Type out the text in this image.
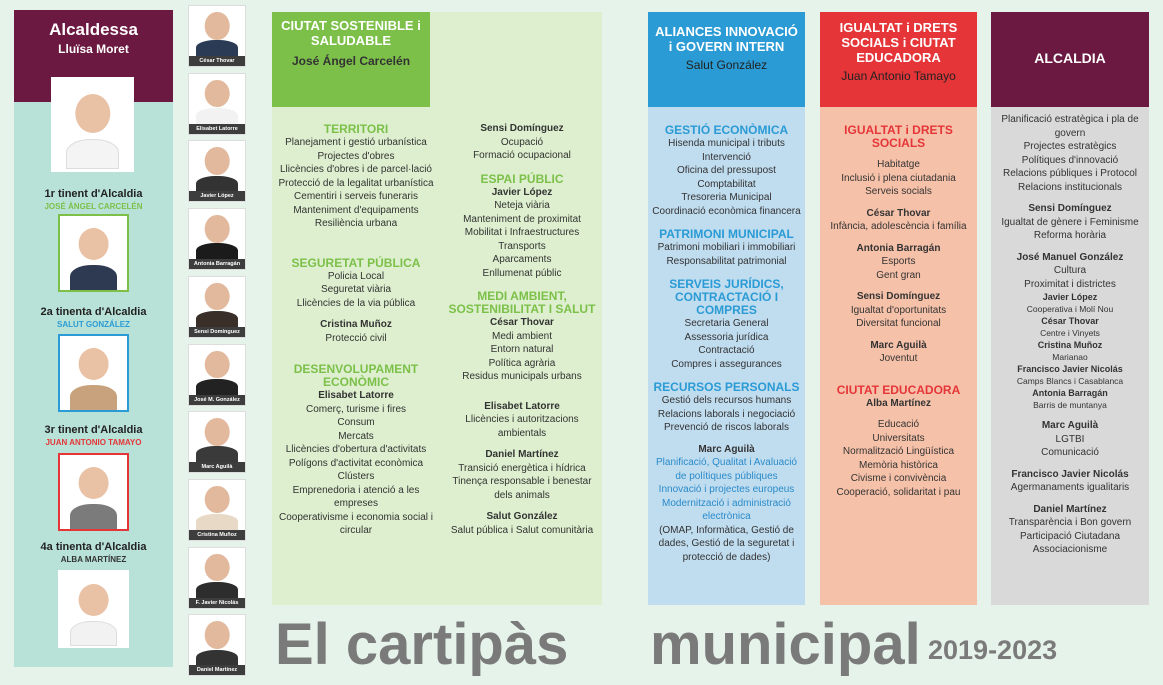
Alcaldessa
Lluïsa Moret
1r tinent d'Alcaldia
JOSÉ ÀNGEL CARCELÉN
2a tinenta d'Alcaldia
SALUT GONZÁLEZ
3r tinent d'Alcaldia
JUAN ANTONIO TAMAYO
4a tinenta d'Alcaldia
ALBA MARTÍNEZ
César Thovar
Elisabet Latorre
Javier López
Antonia Barragán
Sensi Domínguez
José M. González
Marc Aguilà
Cristina Muñoz
F. Javier Nicolás
Daniel Martínez
CIUTAT SOSTENIBLE i SALUDABLE
José Ángel Carcelén
TERRITORI
Planejament i gestió urbanística
Projectes d'obres
Llicències d'obres i de parcel·lació
Protecció de la legalitat urbanística
Cementiri i serveis funeraris
Manteniment d'equipaments
Resiliència urbana
SEGURETAT PÚBLICA
Policia Local
Seguretat viària
Llicències de la via pública
Cristina Muñoz
Protecció civil
DESENVOLUPAMENT ECONÒMIC
Elisabet Latorre
Comerç, turisme i fires
Consum
Mercats
Llicències d'obertura d'activitats
Polígons d'activitat econòmica
Clústers
Emprenedoria i atenció a les empreses
Cooperativisme i economia social i circular
Sensi Domínguez
Ocupació
Formació ocupacional
ESPAI PÚBLIC
Javier López
Neteja viària
Manteniment de proximitat
Mobilitat i Infraestructures
Transports
Aparcaments
Enllumenat públic
MEDI AMBIENT, SOSTENIBILITAT I SALUT
César Thovar
Medi ambient
Entorn natural
Política agrària
Residus municipals urbans
Elisabet Latorre
Llicències i autoritzacions ambientals
Daniel Martínez
Transició energètica i hídrica
Tinença responsable i benestar dels animals
Salut González
Salut pública i Salut comunitària
ALIANCES INNOVACIÓ i GOVERN INTERN
Salut González
GESTIÓ ECONÒMICA
Hisenda municipal i tributs
Intervenció
Oficina del pressupost
Comptabilitat
Tresoreria Municipal
Coordinació econòmica financera
PATRIMONI MUNICIPAL
Patrimoni mobiliari i immobiliari
Responsabilitat patrimonial
SERVEIS JURÍDICS, CONTRACTACIÓ I COMPRES
Secretaria General
Assessoria jurídica
Contractació
Compres i assegurances
RECURSOS PERSONALS
Gestió dels recursos humans
Relacions laborals i negociació
Prevenció de riscos laborals
Marc Aguilà
Planificació, Qualitat i Avaluació de polítiques públiques
Innovació i projectes europeus
Modernització i administració electrònica
(OMAP, Informàtica, Gestió de dades, Gestió de la seguretat i protecció de dades)
IGUALTAT i DRETS SOCIALS i CIUTAT EDUCADORA
Juan Antonio Tamayo
IGUALTAT i DRETS SOCIALS
Habitatge
Inclusió i plena ciutadania
Serveis socials
César Thovar
Infància, adolescència i família
Antonia Barragán
Esports
Gent gran
Sensi Domínguez
Igualtat d'oportunitats
Diversitat funcional
Marc Aguilà
Joventut
CIUTAT EDUCADORA
Alba Martínez
Educació
Universitats
Normalització Lingüística
Memòria històrica
Civisme i convivència
Cooperació, solidaritat i pau
ALCALDIA
Planificació estratègica i pla de govern
Projectes estratègics
Polítiques d'innovació
Relacions públiques i Protocol
Relacions institucionals
Sensi Domínguez
Igualtat de gènere i Feminisme
Reforma horària
José Manuel González
Cultura
Proximitat i districtes
Javier López
Cooperativa i Molí Nou
César Thovar
Centre i Vinyets
Cristina Muñoz
Marianao
Francisco Javier Nicolás
Camps Blancs i Casablanca
Antonia Barragán
Barris de muntanya
Marc Aguilà
LGTBI
Comunicació
Francisco Javier Nicolás
Agermanaments igualitaris
Daniel Martínez
Transparència i Bon govern
Participació Ciutadana
Associacionisme
El cartipàs municipal 2019-2023
